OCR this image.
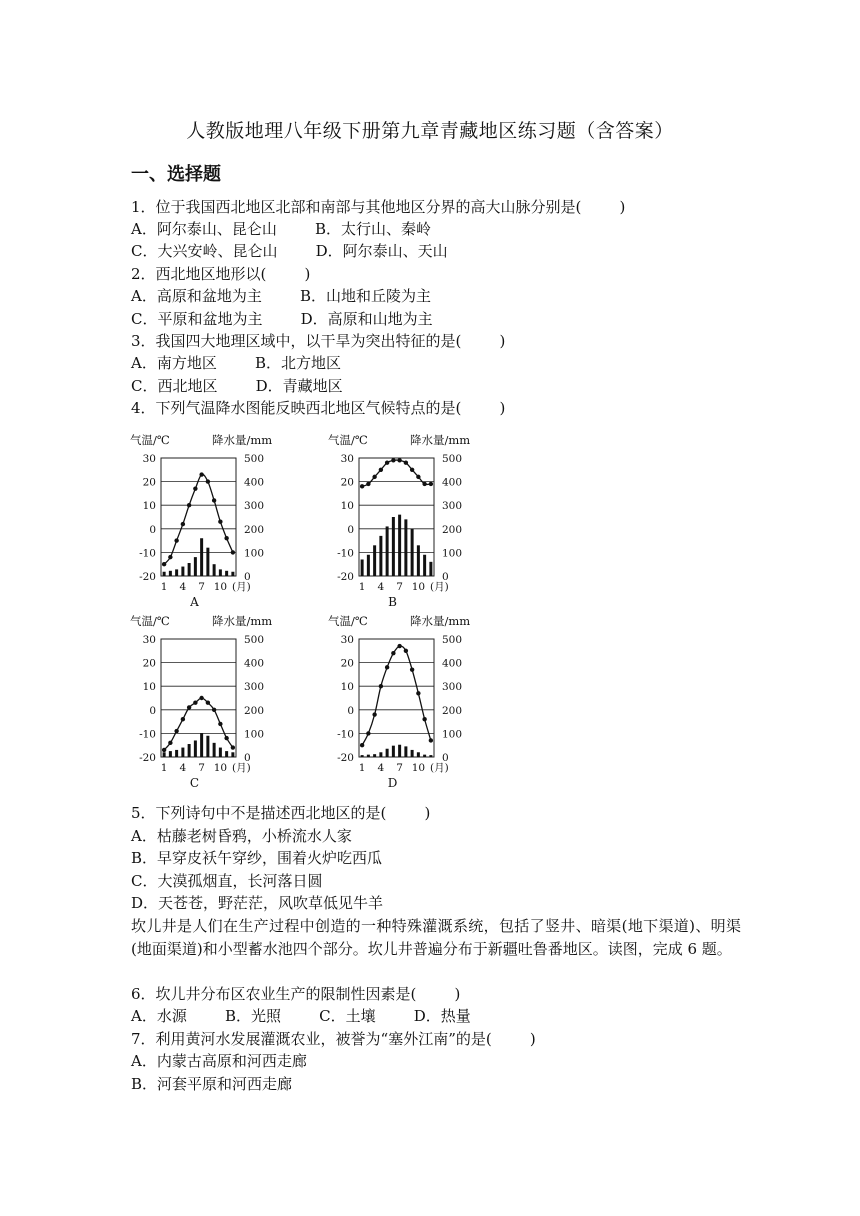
人教版地理八年级下册第九章青藏地区练习题（含答案）
一、选择题
1．位于我国西北地区北部和南部与其他地区分界的高大山脉分别是(        )
A．阿尔泰山、昆仑山        B．太行山、秦岭
C．大兴安岭、昆仑山        D．阿尔泰山、天山
2．西北地区地形以(        )
A．高原和盆地为主        B．山地和丘陵为主
C．平原和盆地为主        D．高原和山地为主
3．我国四大地理区域中，以干旱为突出特征的是(        )
A．南方地区        B．北方地区
C．西北地区        D．青藏地区
4．下列气温降水图能反映西北地区气候特点的是(        )
气温/℃	降水量/mm
30	500
20	400
10	300
0	200
-10	100
-20	0
1 4 7 10 (月)
A
气温/℃	降水量/mm
30	500
20	400
10	300
0	200
-10	100
-20	0
1 4 7 10 (月)
B
气温/℃	降水量/mm
30	500
20	400
10	300
0	200
-10	100
-20	0
1 4 7 10 (月)
C
气温/℃	降水量/mm
30	500
20	400
10	300
0	200
-10	100
-20	0
1 4 7 10 (月)
D
5．下列诗句中不是描述西北地区的是(        )
A．枯藤老树昏鸦，小桥流水人家
B．早穿皮袄午穿纱，围着火炉吃西瓜
C．大漠孤烟直，长河落日圆
D．天苍苍，野茫茫，风吹草低见牛羊
坎儿井是人们在生产过程中创造的一种特殊灌溉系统，包括了竖井、暗渠(地下渠道)、明渠(地面渠道)和小型蓄水池四个部分。坎儿井普遍分布于新疆吐鲁番地区。读图，完成 6 题。
6．坎儿井分布区农业生产的限制性因素是(        )
A．水源        B．光照        C．土壤        D．热量
7．利用黄河水发展灌溉农业，被誉为“塞外江南”的是(        )
A．内蒙古高原和河西走廊
B．河套平原和河西走廊
